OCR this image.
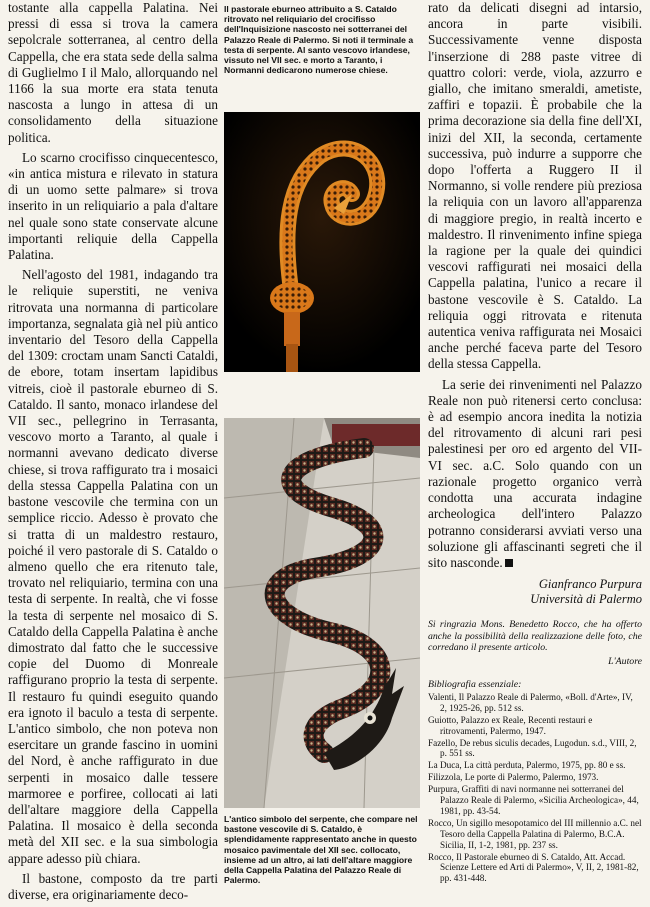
tostante alla cappella Palatina. Nei pressi di essa si trova la camera sepolcrale sotterranea, al centro della Cappella, che era stata sede della salma di Guglielmo I il Malo, allorquando nel 1166 la sua morte era stata tenuta nascosta a lungo in attesa di un consolidamento della situazione politica.

Lo scarno crocifisso cinquecentesco, «in antica mistura e rilevato in statura di un uomo sette palmare» si trova inserito in un reliquiario a pala d'altare nel quale sono state conservate alcune importanti reliquie della Cappella Palatina.

Nell'agosto del 1981, indagando tra le reliquie superstiti, ne veniva ritrovata una normanna di particolare importanza, segnalata già nel più antico inventario del Tesoro della Cappella del 1309: croctam unam Sancti Cataldi, de ebore, totam insertam lapidibus vitreis, cioè il pastorale eburneo di S. Cataldo. Il santo, monaco irlandese del VII sec., pellegrino in Terrasanta, vescovo morto a Taranto, al quale i normanni avevano dedicato diverse chiese, si trova raffigurato tra i mosaici della stessa Cappella Palatina con un bastone vescovile che termina con un semplice riccio. Adesso è provato che si tratta di un maldestro restauro, poiché il vero pastorale di S. Cataldo o almeno quello che era ritenuto tale, trovato nel reliquiario, termina con una testa di serpente. In realtà, che vi fosse la testa di serpente nel mosaico di S. Cataldo della Cappella Palatina è anche dimostrato dal fatto che le successive copie del Duomo di Monreale raffigurano proprio la testa di serpente. Il restauro fu quindi eseguito quando era ignoto il baculo a testa di serpente. L'antico simbolo, che non poteva non esercitare un grande fascino in uomini del Nord, è anche raffigurato in due serpenti in mosaico dalle tessere marmoree e porfiree, collocati ai lati dell'altare maggiore della Cappella Palatina. Il mosaico è della seconda metà del XII sec. e la sua simbologia appare adesso più chiara.

Il bastone, composto da tre parti diverse, era originariamente deco-

Il pastorale eburneo attribuito a S. Cataldo ritrovato nel reliquiario del crocifisso dell'Inquisizione nascosto nei sotterranei del Palazzo Reale di Palermo. Si noti il terminale a testa di serpente. Al santo vescovo irlandese, vissuto nel VII sec. e morto a Taranto, i Normanni dedicarono numerose chiese.

L'antico simbolo del serpente, che compare nel bastone vescovile di S. Cataldo, è splendidamente rappresentato anche in questo mosaico pavimentale del XII sec. collocato, insieme ad un altro, ai lati dell'altare maggiore della Cappella Palatina del Palazzo Reale di Palermo.

rato da delicati disegni ad intarsio, ancora in parte visibili. Successivamente venne disposta l'inserzione di 288 paste vitree di quattro colori: verde, viola, azzurro e giallo, che imitano smeraldi, ametiste, zaffiri e topazii. È probabile che la prima decorazione sia della fine dell'XI, inizi del XII, la seconda, certamente successiva, può indurre a supporre che dopo l'offerta a Ruggero II il Normanno, si volle rendere più preziosa la reliquia con un lavoro all'apparenza di maggiore pregio, in realtà incerto e maldestro. Il rinvenimento infine spiega la ragione per la quale dei quindici vescovi raffigurati nei mosaici della Cappella palatina, l'unico a recare il bastone vescovile è S. Cataldo. La reliquia oggi ritrovata e ritenuta autentica veniva raffigurata nei Mosaici anche perché faceva parte del Tesoro della stessa Cappella.

La serie dei rinvenimenti nel Palazzo Reale non può ritenersi certo conclusa: è ad esempio ancora inedita la notizia del ritrovamento di alcuni rari pesi palestinesi per oro ed argento del VII-VI sec. a.C. Solo quando con un razionale progetto organico verrà condotta una accurata indagine archeologica dell'intero Palazzo potranno considerarsi avviati verso una soluzione gli affascinanti segreti che il sito nasconde.

Gianfranco Purpura
Università di Palermo

Si ringrazia Mons. Benedetto Rocco, che ha offerto anche la possibilità della realizzazione delle foto, che corredano il presente articolo.

L'Autore

Bibliografia essenziale:

Valenti, Il Palazzo Reale di Palermo, «Boll. d'Arte», IV, 2, 1925-26, pp. 512 ss.
Guiotto, Palazzo ex Reale, Recenti restauri e ritrovamenti, Palermo, 1947.
Fazello, De rebus siculis decades, Lugodun. s.d., VIII, 2, p. 551 ss.
La Duca, La città perduta, Palermo, 1975, pp. 80 e ss.
Filizzola, Le porte di Palermo, Palermo, 1973.
Purpura, Graffiti di navi normanne nei sotterranei del Palazzo Reale di Palermo, «Sicilia Archeologica», 44, 1981, pp. 43-54.
Rocco, Un sigillo mesopotamico del III millennio a.C. nel Tesoro della Cappella Palatina di Palermo, B.C.A. Sicilia, II, 1-2, 1981, pp. 237 ss.
Rocco, Il Pastorale eburneo di S. Cataldo, Att. Accad. Scienze Lettere ed Arti di Palermo», V, II, 2, 1981-82, pp. 431-448.
